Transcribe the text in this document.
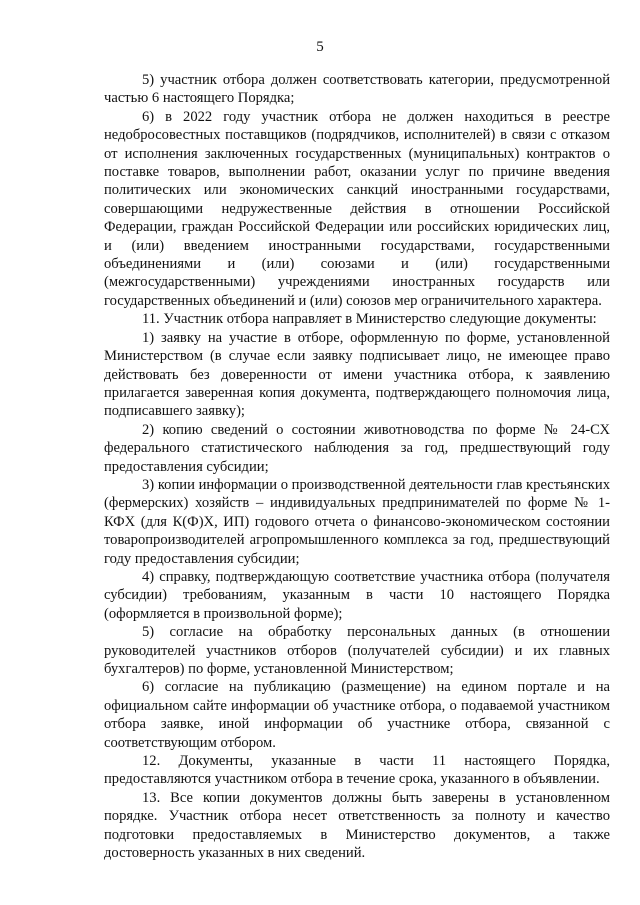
5

5) участник отбора должен соответствовать категории, предусмотренной частью 6 настоящего Порядка;

6) в 2022 году участник отбора не должен находиться в реестре недобросовестных поставщиков (подрядчиков, исполнителей) в связи с отказом от исполнения заключенных государственных (муниципальных) контрактов о поставке товаров, выполнении работ, оказании услуг по причине введения политических или экономических санкций иностранными государствами, совершающими недружественные действия в отношении Российской Федерации, граждан Российской Федерации или российских юридических лиц, и (или) введением иностранными государствами, государственными объединениями и (или) союзами и (или) государственными (межгосударственными) учреждениями иностранных государств или государственных объединений и (или) союзов мер ограничительного характера.

11. Участник отбора направляет в Министерство следующие документы:

1) заявку на участие в отборе, оформленную по форме, установленной Министерством (в случае если заявку подписывает лицо, не имеющее право действовать без доверенности от имени участника отбора, к заявлению прилагается заверенная копия документа, подтверждающего полномочия лица, подписавшего заявку);

2) копию сведений о состоянии животноводства по форме № 24-СХ федерального статистического наблюдения за год, предшествующий году предоставления субсидии;

3) копии информации о производственной деятельности глав крестьянских (фермерских) хозяйств – индивидуальных предпринимателей по форме № 1-КФХ (для К(Ф)Х, ИП) годового отчета о финансово-экономическом состоянии товаропроизводителей агропромышленного комплекса за год, предшествующий году предоставления субсидии;

4) справку, подтверждающую соответствие участника отбора (получателя субсидии) требованиям, указанным в части 10 настоящего Порядка (оформляется в произвольной форме);

5) согласие на обработку персональных данных (в отношении руководителей участников отборов (получателей субсидии) и их главных бухгалтеров) по форме, установленной Министерством;

6) согласие на публикацию (размещение) на едином портале и на официальном сайте информации об участнике отбора, о подаваемой участником отбора заявке, иной информации об участнике отбора, связанной с соответствующим отбором.

12. Документы, указанные в части 11 настоящего Порядка, предоставляются участником отбора в течение срока, указанного в объявлении.

13. Все копии документов должны быть заверены в установленном порядке. Участник отбора несет ответственность за полноту и качество подготовки предоставляемых в Министерство документов, а также достоверность указанных в них сведений.
